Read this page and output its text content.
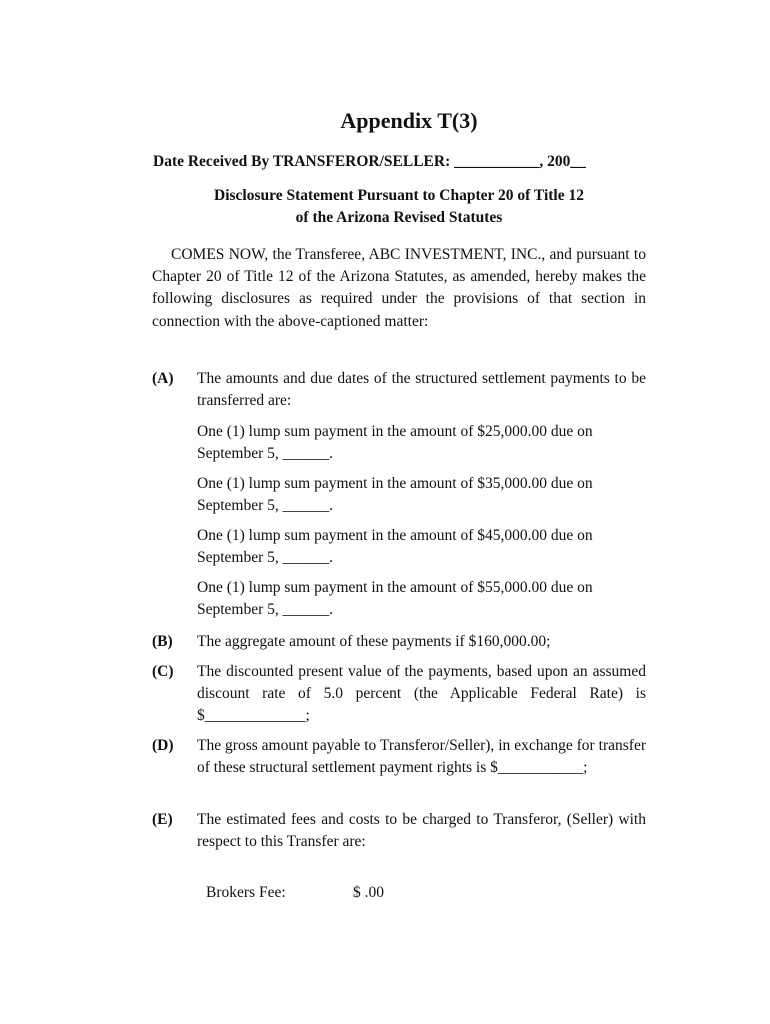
Appendix T(3)
Date Received By TRANSFEROR/SELLER: ___________, 200__
Disclosure Statement Pursuant to Chapter 20 of Title 12
of the Arizona Revised Statutes
COMES NOW, the Transferee, ABC INVESTMENT, INC., and pursuant to Chapter 20 of Title 12 of the Arizona Statutes, as amended, hereby makes the following disclosures as required under the provisions of that section in connection with the above-captioned matter:
(A) The amounts and due dates of the structured settlement payments to be transferred are:
One (1) lump sum payment in the amount of $25,000.00 due on
September 5, ______.
One (1) lump sum payment in the amount of $35,000.00 due on
September 5, ______.
One (1) lump sum payment in the amount of $45,000.00 due on
September 5, ______.
One (1) lump sum payment in the amount of $55,000.00 due on
September 5, ______.
(B) The aggregate amount of these payments if $160,000.00;
(C) The discounted present value of the payments, based upon an assumed discount rate of 5.0 percent (the Applicable Federal Rate) is $_____________;
(D) The gross amount payable to Transferor/Seller), in exchange for transfer of these structural settlement payment rights is $___________;
(E) The estimated fees and costs to be charged to Transferor, (Seller) with respect to this Transfer are:
Brokers Fee:	$ .00
